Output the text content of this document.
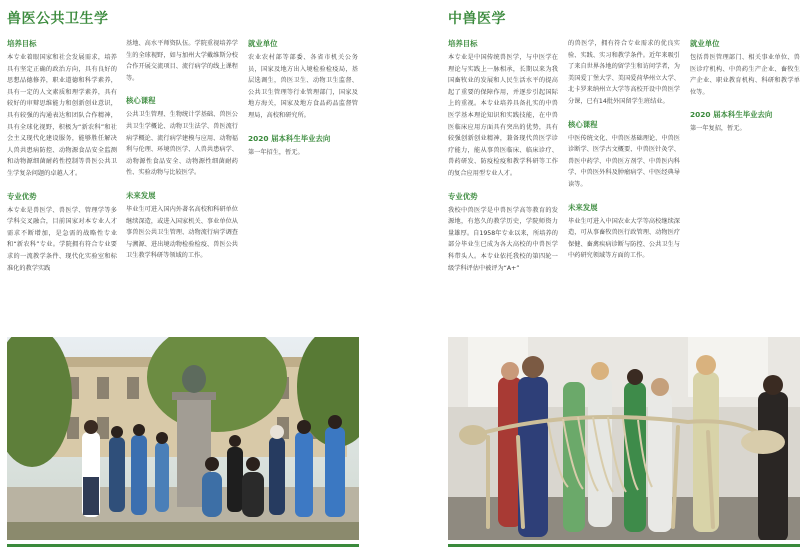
兽医公共卫生学
培养目标

本专业着眼国家和社会发展需求，培养具有坚定正确的政治方向，具有良好的思想品德修养，职业道德和科学素养，具有一定的人文素质和理学素养，具有较好的审辩思维能力和创新创业意识，具有较强的沟通表达和团队合作精神，具有全球化视野，积极为“新农科”和社会主义现代化建设服务，能够胜任解决人兽共患病防控、动物源食品安全监测和动物源细菌耐药性控制等兽医公共卫生学复杂问题的卓越人才。

专业优势

本专业是兽医学、兽医学、管理学等多学科交叉融合，目前国家对本专业人才需求不断增加，是急需的战略性专业和“新农科”专业。学院拥有符合专业要求的一流教学条件、现代化实验室和标准化的教学实践

基地、高水平师资队伍。学院重视培养学生的全球视野，如与加州大学戴维斯分校合作开展交流项目、流行病学的线上课程等。

核心课程

公共卫生管理、生物统计学基础、兽医公共卫生学概论、动物卫生法学、兽医流行病学概论、流行病学建模与应用、动物福利与伦理、环境兽医学、人兽共患病学、动物源性食品安全、动物源性细菌耐药性、实验动物与比较医学。

未来发展

毕业生可进入国内外著名高校和科研单位继续深造，或进入国家机关、事业单位从事兽医公共卫生管理、动物流行病学调查与溯源、进出境动物检验检疫、兽医公共卫生教学科研等领域的工作。

就业单位

农业农村部等部委、各省市机关公务员，国家及地方出入境检验检疫局，基层选调生，兽医卫生、动物卫生监督、公共卫生管理等行业管理部门，国家及地方海关，国家及地方食品药品监督管理局，高校和研究所。

2020 届本科生毕业去向

第一年招生，暂无。

中兽医学
培养目标

本专业是中国传统兽医学，与中医学在理论与实践上一脉相承，长期以来为我国畜牧业的发展和人民生活水平的提高起了重要的保障作用，并逐步引起国际上的重视。本专业培养具备扎实的中兽医学基本理论知识和实践技能，在中兽医临床应用方面具有突出的优势，具有较强创新创业精神，兼备现代兽医学诊疗能力，能从事兽医临床、临床诊疗、兽药研发、防疫检疫和教学科研等工作的复合应用型专业人才。

专业优势

我校中兽医学是中兽医学高等教育的发源地，有悠久的教学历史，学院师资力量雄厚。自1958年专业以来，所培养的部分毕业生已成为各大高校的中兽医学科带头人。本专业依托我校的第四轮一级学科评估中被评为“A+”

的兽医学，拥有符合专业需求的优良实验、实践、实习和教学条件。近年来吸引了来自世界各地的留学生和访问学者，为美国爱丁堡大学、美国爱荷华州立大学、北卡罗来纳州立大学等高校开设中兽医学分课，已有14批外国留学生班结业。

核心课程

中医传统文化、中兽医基础理论、中兽医诊断学、医学古文概要、中兽医针灸学、兽医中药学、中兽医方剂学、中兽医内科学、中兽医外科及肿瘤病学、中医经典导读等。

未来发展

毕业生可进入中国农业大学等高校继续深造，可从事畜牧兽医行政管理、动物医疗保健、畜禽疾病诊断与防控、公共卫生与中药研究领域等方面的工作。

就业单位

包括兽医管理部门、相关事业单位、兽医诊疗机构、中兽药生产企业、畜牧生产企业、职业教育机构、科研和教学单位等。

2020 届本科生毕业去向

第一年复招，暂无。
